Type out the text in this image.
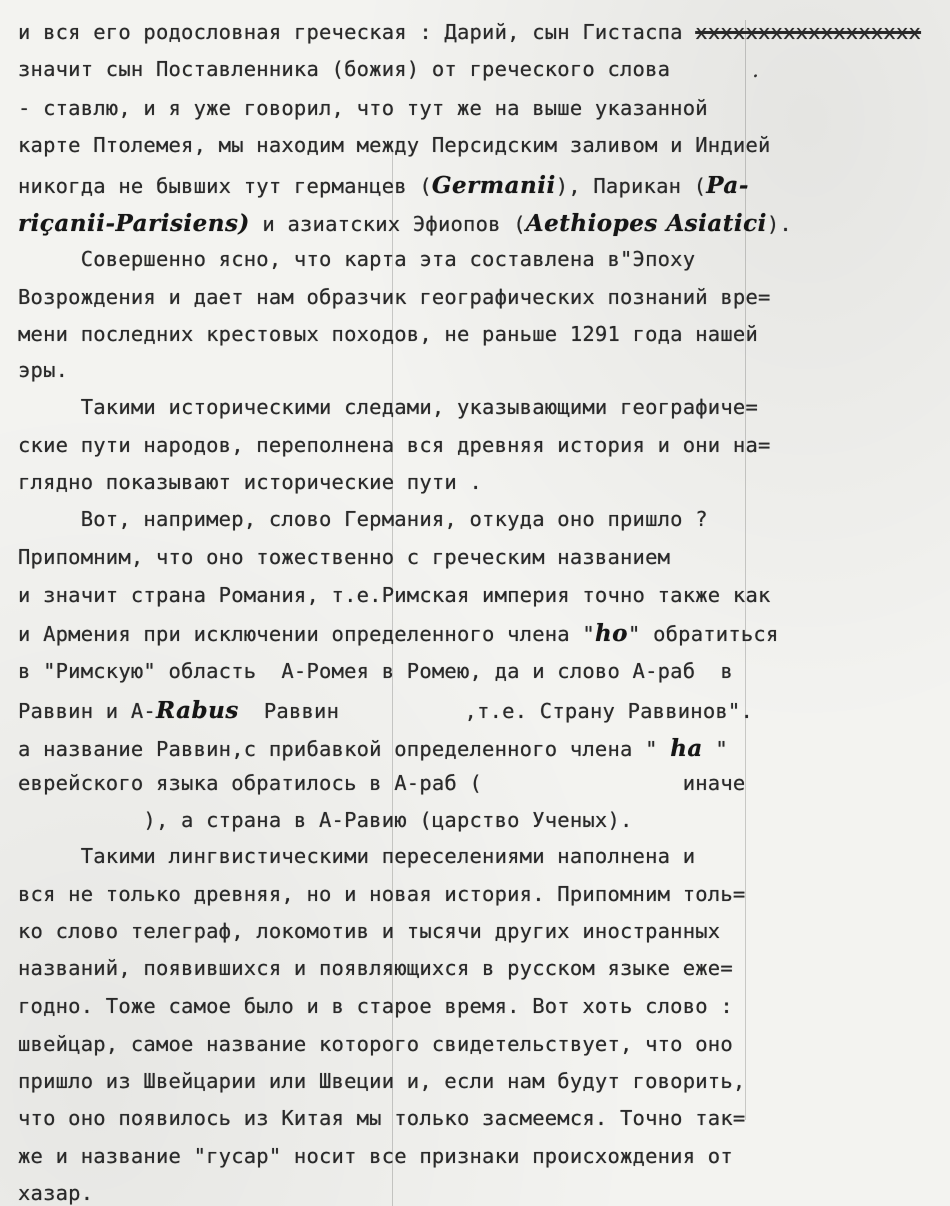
.
и вся его родословная греческая : Дарий, сын Гистаспа xxxxxxxxxxxxxxxxxx
значит сын Поставленника (божия) от греческого слова
- ставлю, и я уже говорил, что тут же на выше указанной
карте Птолемея, мы находим между Персидским заливом и Индией
никогда не бывших тут германцев (Germanii), Парикан (Pa-
riçanii-Parisiens) и азиатских Эфиопов (Aethiopes Asiatici).
Совершенно ясно, что карта эта составлена в"Эпоху
Возрождения и дает нам образчик географических познаний вре=
мени последних крестовых походов, не раньше 1291 года нашей
эры.
Такими историческими следами, указывающими географиче=
ские пути народов, переполнена вся древняя история и они на=
глядно показывают исторические пути .
Вот, например, слово Германия, откуда оно пришло ?
Припомним, что оно тожественно с греческим названием
и значит страна Романия, т.е.Римская империя точно также как
и Армения при исключении определенного члена "ho" обратиться
в "Римскую" область  А-Ромея в Ромею, да и слово А-раб  в
Раввин и А-Rabus  Раввин          ,т.е. Страну Раввинов".
а название Раввин,с прибавкой определенного члена " ha "
еврейского языка обратилось в А-раб (                иначе
), а страна в А-Равию (царство Ученых).
Такими лингвистическими переселениями наполнена и
вся не только древняя, но и новая история. Припомним толь=
ко слово телеграф, локомотив и тысячи других иностранных
названий, появившихся и появляющихся в русском языке еже=
годно. Тоже самое было и в старое время. Вот хоть слово :
швейцар, самое название которого свидетельствует, что оно
пришло из Швейцарии или Швеции и, если нам будут говорить,
что оно появилось из Китая мы только засмеемся. Точно так=
же и название "гусар" носит все признаки происхождения от
хазар.
